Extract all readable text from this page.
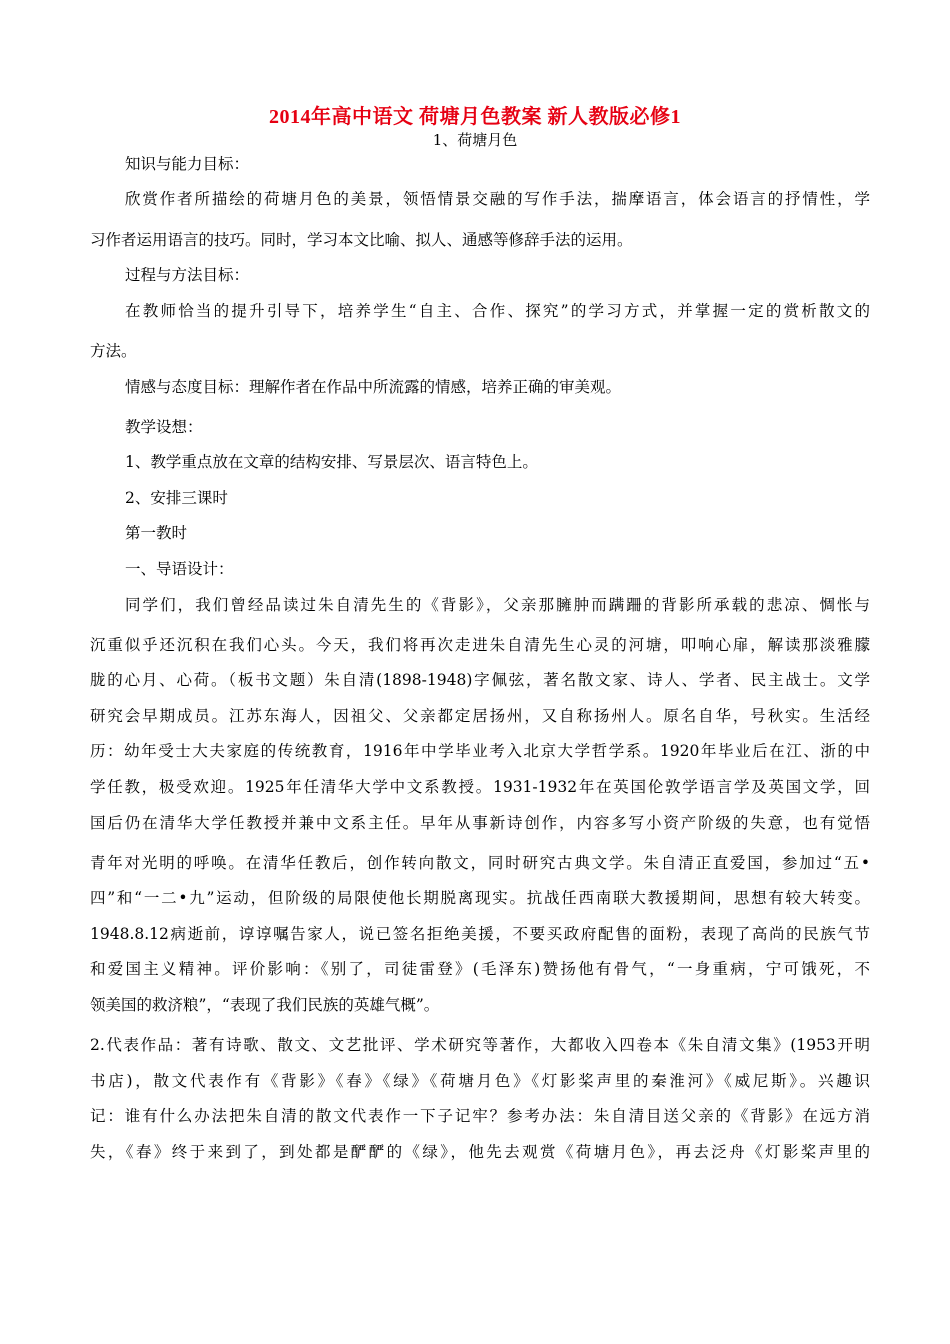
2014年高中语文 荷塘月色教案 新人教版必修1
1、荷塘月色
知识与能力目标：
欣赏作者所描绘的荷塘月色的美景，领悟情景交融的写作手法，揣摩语言，体会语言的抒情性，学
习作者运用语言的技巧。同时，学习本文比喻、拟人、通感等修辞手法的运用。
过程与方法目标：
在教师恰当的提升引导下，培养学生“自主、合作、探究”的学习方式，并掌握一定的赏析散文的
方法。
情感与态度目标：理解作者在作品中所流露的情感，培养正确的审美观。
教学设想：
1、教学重点放在文章的结构安排、写景层次、语言特色上。
2、安排三课时
第一教时
一、导语设计：
同学们，我们曾经品读过朱自清先生的《背影》，父亲那臃肿而蹒跚的背影所承载的悲凉、惆怅与
沉重似乎还沉积在我们心头。今天，我们将再次走进朱自清先生心灵的河塘，叩响心扉，解读那淡雅朦
胧的心月、心荷。（板书文题）朱自清(1898-1948)字佩弦，著名散文家、诗人、学者、民主战士。文学
研究会早期成员。江苏东海人，因祖父、父亲都定居扬州，又自称扬州人。原名自华，号秋实。生活经
历：幼年受士大夫家庭的传统教育，1916年中学毕业考入北京大学哲学系。1920年毕业后在江、浙的中
学任教，极受欢迎。1925年任清华大学中文系教授。1931-1932年在英国伦敦学语言学及英国文学，回
国后仍在清华大学任教授并兼中文系主任。早年从事新诗创作，内容多写小资产阶级的失意，也有觉悟
青年对光明的呼唤。在清华任教后，创作转向散文，同时研究古典文学。朱自清正直爱国，参加过“五•
四”和“一二•九”运动，但阶级的局限使他长期脱离现实。抗战任西南联大教援期间，思想有较大转变。
1948.8.12病逝前，谆谆嘱告家人，说已签名拒绝美援，不要买政府配售的面粉，表现了高尚的民族气节
和爱国主义精神。评价影响：《别了，司徒雷登》(毛泽东)赞扬他有骨气，“一身重病，宁可饿死，不
领美国的救济粮”，“表现了我们民族的英雄气概”。
2.代表作品：著有诗歌、散文、文艺批评、学术研究等著作，大都收入四卷本《朱自清文集》(1953开明
书店)，散文代表作有《背影》《春》《绿》《荷塘月色》《灯影桨声里的秦淮河》《威尼斯》。兴趣识
记：谁有什么办法把朱自清的散文代表作一下子记牢？参考办法：朱自清目送父亲的《背影》在远方消
失，《春》终于来到了，到处都是酽酽的《绿》，他先去观赏《荷塘月色》，再去泛舟《灯影桨声里的
